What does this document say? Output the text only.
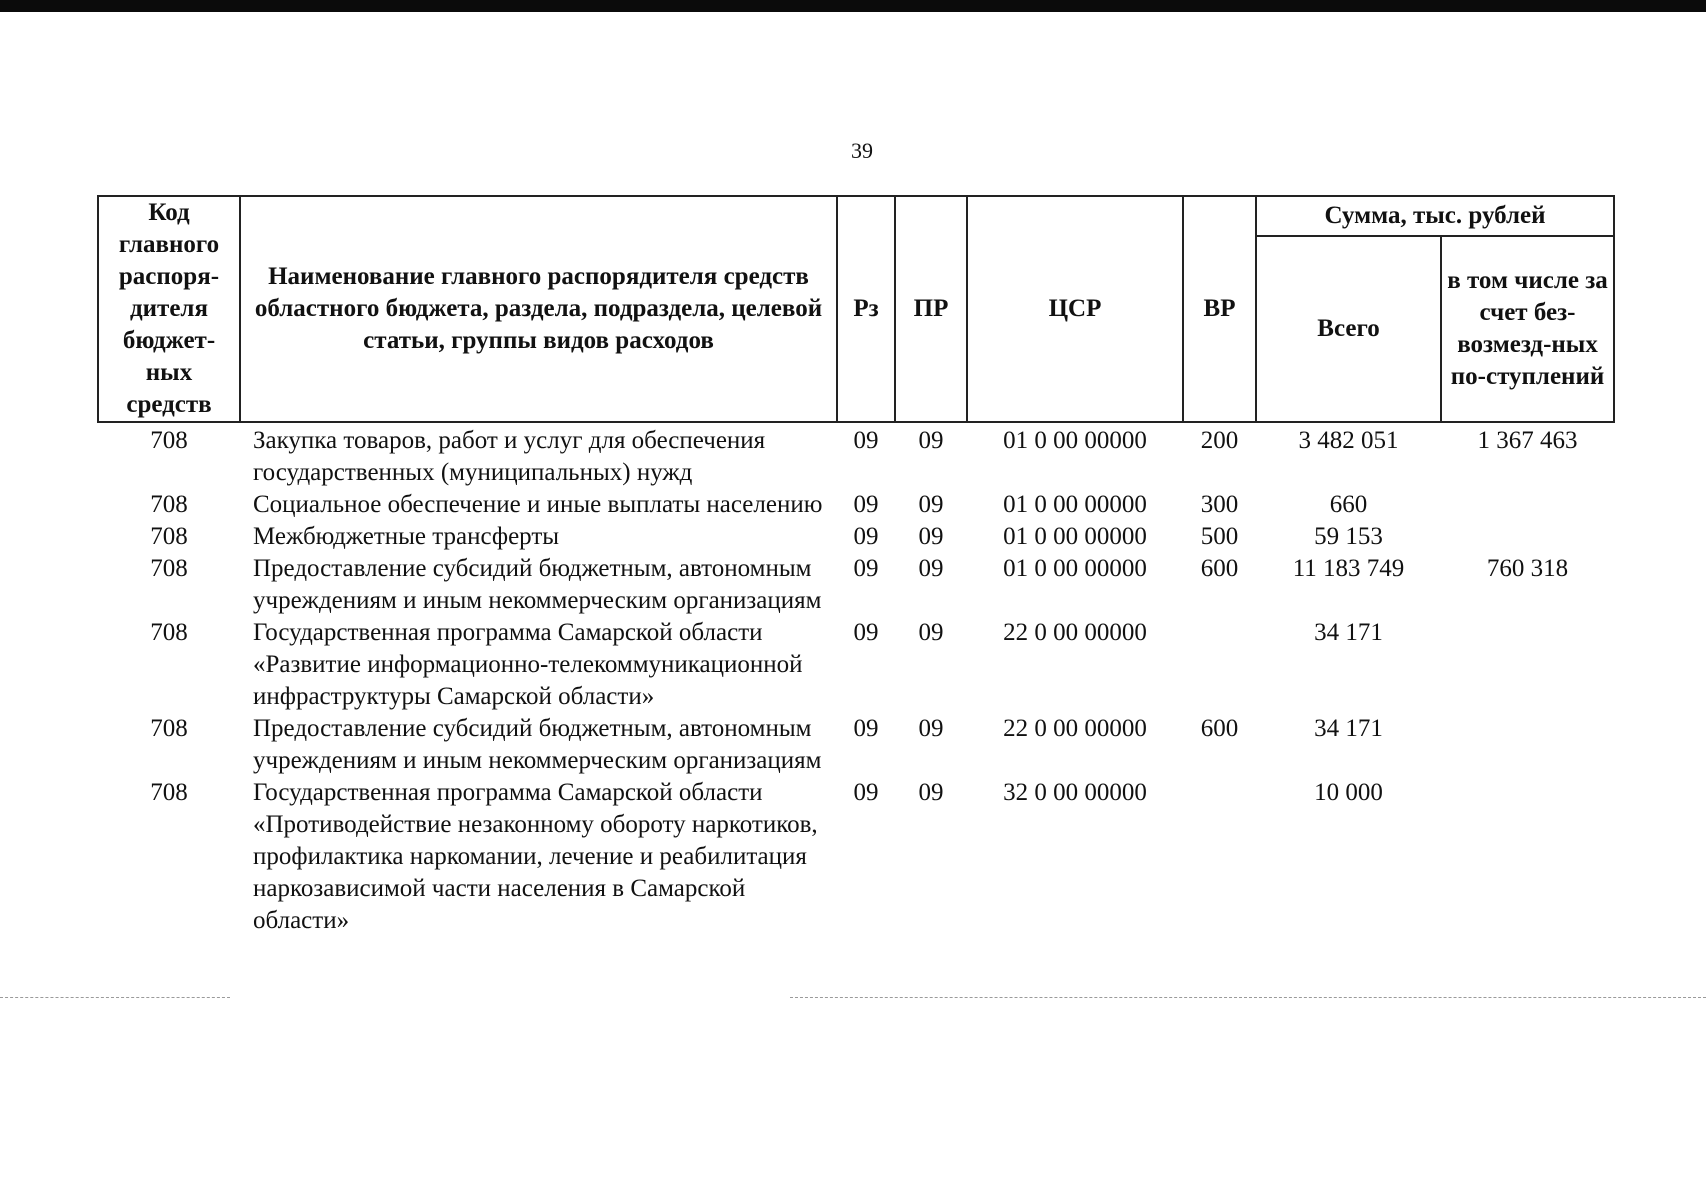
39
Код главного распоря-дителя бюджет-ных средств	Наименование главного распорядителя средств областного бюджета, раздела, подраздела, целевой статьи, группы видов расходов	Рз	ПР	ЦСР	ВР	Сумма, тыс. рублей	
						Всего	в том числе за счет без-возмезд-ных по-ступлений
708	Закупка товаров, работ и услуг для обеспечения государственных (муниципальных) нужд	09	09	01 0 00 00000	200	3 482 051	1 367 463
708	Социальное обеспечение и иные выплаты населению	09	09	01 0 00 00000	300	660	
708	Межбюджетные трансферты	09	09	01 0 00 00000	500	59 153	
708	Предоставление субсидий бюджетным, автономным учреждениям и иным некоммерческим организациям	09	09	01 0 00 00000	600	11 183 749	760 318
708	Государственная программа Самарской области «Развитие информационно-телекоммуникационной инфраструктуры Самарской области»	09	09	22 0 00 00000		34 171	
708	Предоставление субсидий бюджетным, автономным учреждениям и иным некоммерческим организациям	09	09	22 0 00 00000	600	34 171	
708	Государственная программа Самарской области «Противодействие незаконному обороту наркотиков, профилактика наркомании, лечение и реабилитация наркозависимой части населения в Самарской области»	09	09	32 0 00 00000		10 000	
